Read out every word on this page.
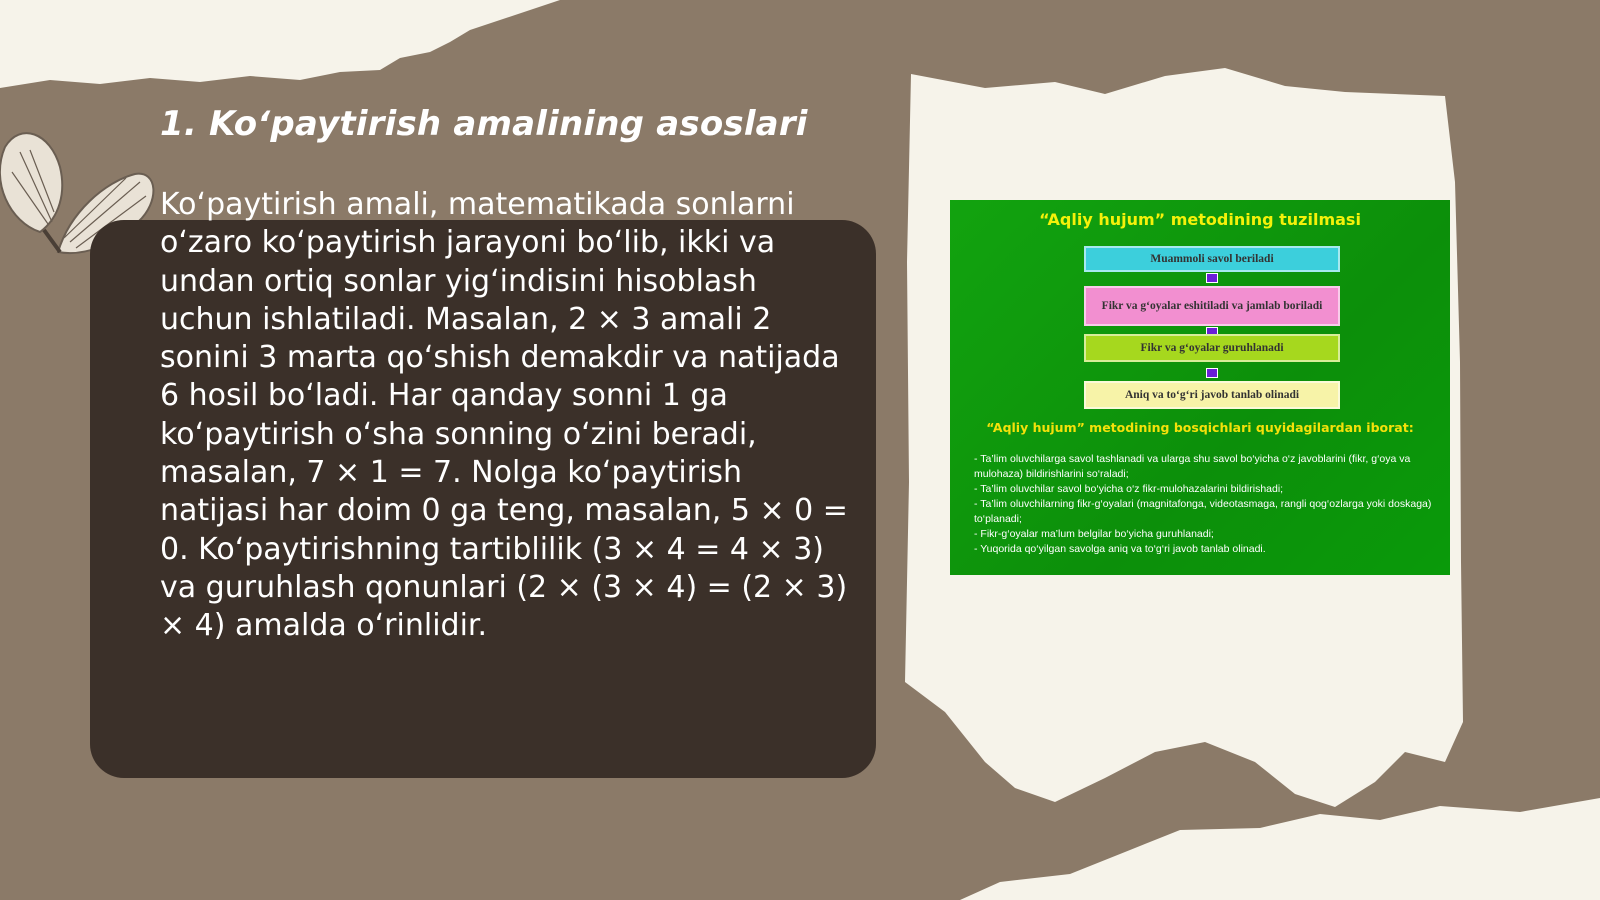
1. Ko‘paytirish amalining asoslari

Ko‘paytirish amali, matematikada sonlarni o‘zaro ko‘paytirish jarayoni bo‘lib, ikki va undan ortiq sonlar yig‘indisini hisoblash uchun ishlatiladi. Masalan, 2 × 3 amali 2 sonini 3 marta qo‘shish demakdir va natijada 6 hosil bo‘ladi. Har qanday sonni 1 ga ko‘paytirish o‘sha sonning o‘zini beradi, masalan, 7 × 1 = 7. Nolga ko‘paytirish natijasi har doim 0 ga teng, masalan, 5 × 0 = 0. Ko‘paytirishning tartiblilik (3 × 4 = 4 × 3) va guruhlash qonunlari (2 × (3 × 4) = (2 × 3) × 4) amalda o‘rinlidir.

“Aqliy hujum” metodining tuzilmasi
Muammoli savol beriladi
Fikr va g‘oyalar eshitiladi va jamlab boriladi
Fikr va g‘oyalar guruhlanadi
Aniq va to‘g‘ri javob tanlab olinadi
“Aqliy hujum” metodining bosqichlari quyidagilardan iborat:
- Ta’lim oluvchilarga savol tashlanadi va ularga shu savol bo‘yicha o‘z javoblarini (fikr, g‘oya va mulohaza) bildirishlarini so‘raladi;
- Ta’lim oluvchilar savol bo‘yicha o‘z fikr-mulohazalarini bildirishadi;
- Ta’lim oluvchilarning fikr-g‘oyalari (magnitafonga, videotasmaga, rangli qog‘ozlarga yoki doskaga) to‘planadi;
- Fikr-g‘oyalar ma’lum belgilar bo‘yicha guruhlanadi;
- Yuqorida qo‘yilgan savolga aniq va to‘g‘ri javob tanlab olinadi.
